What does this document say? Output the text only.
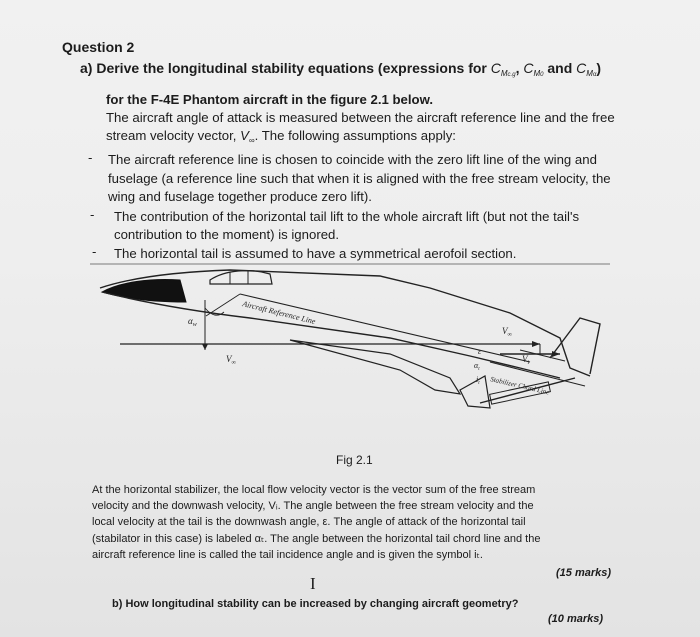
Question 2
a) Derive the longitudinal stability equations (expressions for $C_{Mc.g}$, $C_{M0}$ and $C_{M\alpha}$)
for the F-4E Phantom aircraft in the figure 2.1 below.
The aircraft angle of attack is measured between the aircraft reference line and the free
stream velocity vector, $V_\infty$. The following assumptions apply:
- The aircraft reference line is chosen to coincide with the zero lift line of the wing and
fuselage (a reference line such that when it is aligned with the free stream velocity, the
wing and fuselage together produce zero lift).
- The contribution of the horizontal tail lift to the whole aircraft lift (but not the tail's
contribution to the moment) is ignored.
- The horizontal tail is assumed to have a symmetrical aerofoil section.
Aircraft Reference Line
Stabilizer Chord Line
$\alpha_w$
$V_\infty$
$V_\infty$
$V_i$
ε
$\alpha_t$
$i_t$
Fig 2.1
At the horizontal stabilizer, the local flow velocity vector is the vector sum of the free stream
velocity and the downwash velocity, Vᵢ. The angle between the free stream velocity and the
local velocity at the tail is the downwash angle, ε. The angle of attack of the horizontal tail
(stabilator in this case) is labeled αₜ. The angle between the horizontal tail chord line and the
aircraft reference line is called the tail incidence angle and is given the symbol iₜ.
(15 marks)
I
b) How longitudinal stability can be increased by changing aircraft geometry?
(10 marks)
